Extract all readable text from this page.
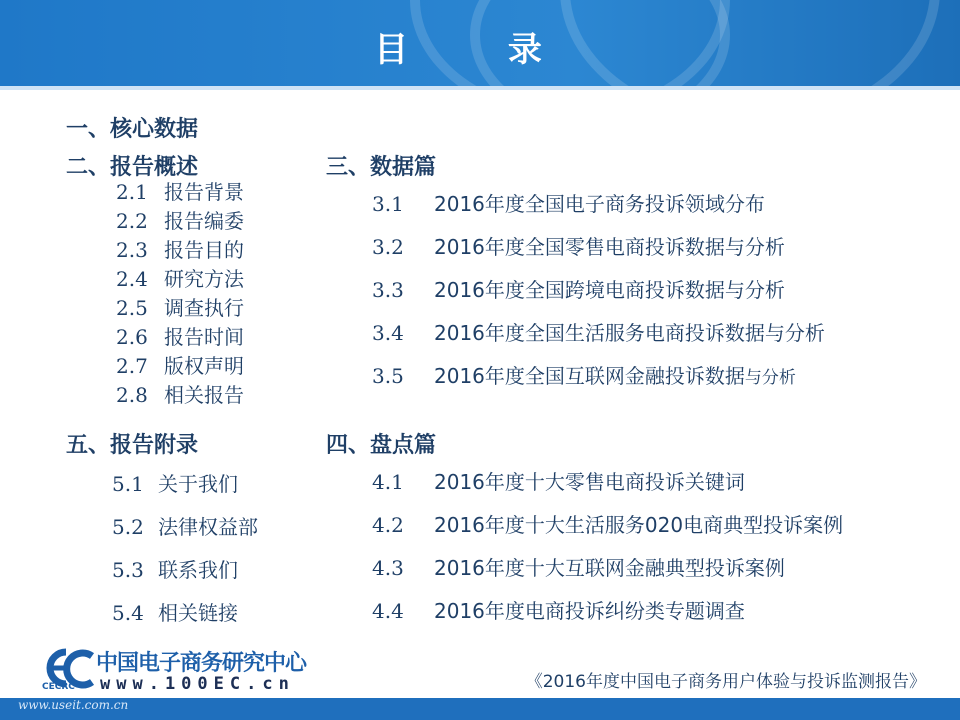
目 录
一、核心数据
二、报告概述	三、数据篇
五、报告附录	四、盘点篇
2.1 报告背景
2.2 报告编委
2.3 报告目的
2.4 研究方法
2.5 调查执行
2.6 报告时间
2.7 版权声明
2.8 相关报告
3.1 2016年度全国电子商务投诉领域分布
3.2 2016年度全国零售电商投诉数据与分析
3.3 2016年度全国跨境电商投诉数据与分析
3.4 2016年度全国生活服务电商投诉数据与分析
3.5 2016年度全国互联网金融投诉数据与分析
4.1 2016年度十大零售电商投诉关键词
4.2 2016年度十大生活服务020电商典型投诉案例
4.3 2016年度十大互联网金融典型投诉案例
4.4 2016年度电商投诉纠纷类专题调查
5.1 关于我们
5.2 法律权益部
5.3 联系我们
5.4 相关链接
中国电子商务研究中心
www.100EC.cn
CECRC	《2016年度中国电子商务用户体验与投诉监测报告》
www.useit.com.cn
